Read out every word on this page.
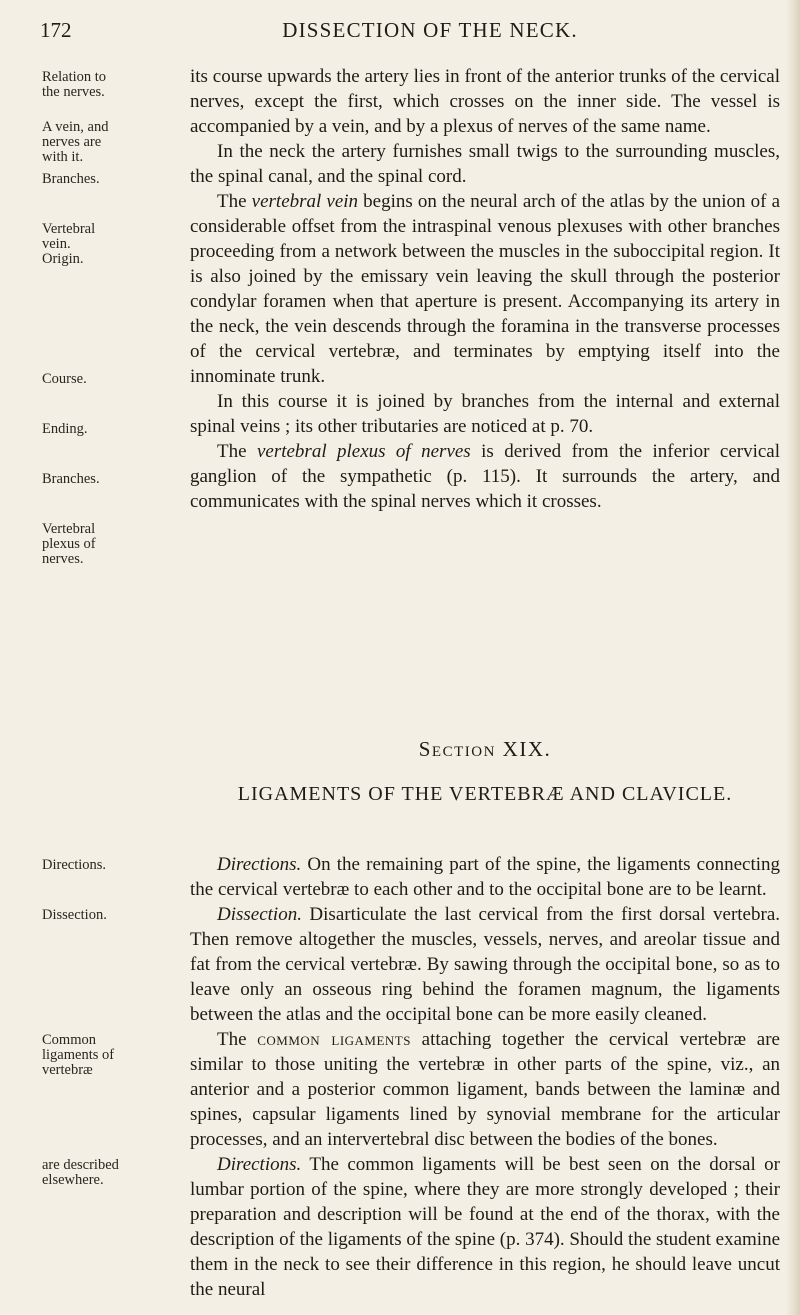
172	DISSECTION OF THE NECK.
Relation to the nerves.
A vein, and nerves are with it.
Branches.
Vertebral vein.
Origin.
Course.
Ending.
Branches.
Vertebral plexus of nerves.
Directions.
Dissection.
Common ligaments of vertebræ
are described elsewhere.

its course upwards the artery lies in front of the anterior trunks of the cervical nerves, except the first, which crosses on the inner side. The vessel is accompanied by a vein, and by a plexus of nerves of the same name.

In the neck the artery furnishes small twigs to the surrounding muscles, the spinal canal, and the spinal cord.

The vertebral vein begins on the neural arch of the atlas by the union of a considerable offset from the intraspinal venous plexuses with other branches proceeding from a network between the muscles in the suboccipital region. It is also joined by the emissary vein leaving the skull through the posterior condylar foramen when that aperture is present. Accompanying its artery in the neck, the vein descends through the foramina in the transverse processes of the cervical vertebræ, and terminates by emptying itself into the innominate trunk.

In this course it is joined by branches from the internal and external spinal veins ; its other tributaries are noticed at p. 70.

The vertebral plexus of nerves is derived from the inferior cervical ganglion of the sympathetic (p. 115). It surrounds the artery, and communicates with the spinal nerves which it crosses.

Section XIX.
LIGAMENTS OF THE VERTEBRÆ AND CLAVICLE.

Directions. On the remaining part of the spine, the ligaments connecting the cervical vertebræ to each other and to the occipital bone are to be learnt.

Dissection. Disarticulate the last cervical from the first dorsal vertebra. Then remove altogether the muscles, vessels, nerves, and areolar tissue and fat from the cervical vertebræ. By sawing through the occipital bone, so as to leave only an osseous ring behind the foramen magnum, the ligaments between the atlas and the occipital bone can be more easily cleaned.

The common ligaments attaching together the cervical vertebræ are similar to those uniting the vertebræ in other parts of the spine, viz., an anterior and a posterior common ligament, bands between the laminæ and spines, capsular ligaments lined by synovial membrane for the articular processes, and an intervertebral disc between the bodies of the bones.

Directions. The common ligaments will be best seen on the dorsal or lumbar portion of the spine, where they are more strongly developed ; their preparation and description will be found at the end of the thorax, with the description of the ligaments of the spine (p. 374). Should the student examine them in the neck to see their difference in this region, he should leave uncut the neural
